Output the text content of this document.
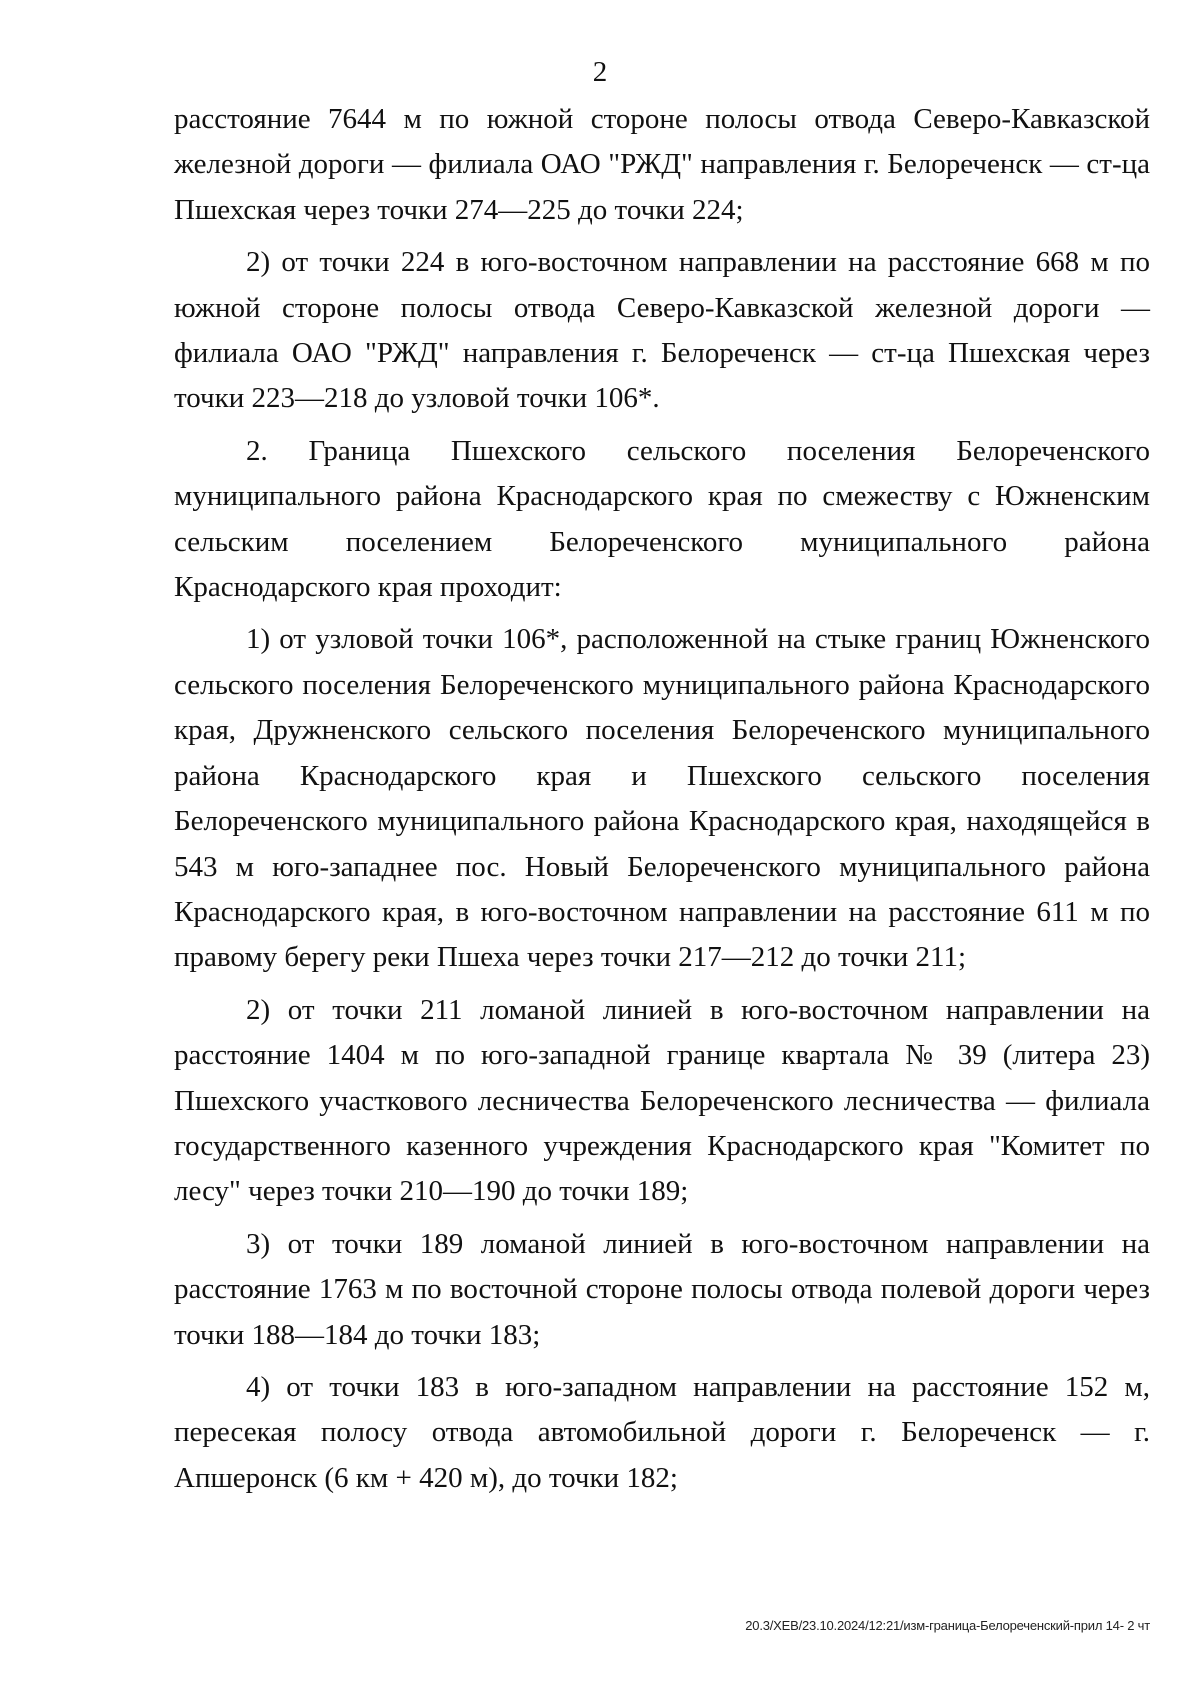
2

расстояние 7644 м по южной стороне полосы отвода Северо-Кавказской железной дороги — филиала ОАО "РЖД" направления г. Белореченск — ст-ца Пшехская через точки 274—225 до точки 224;

2) от точки 224 в юго-восточном направлении на расстояние 668 м по южной стороне полосы отвода Северо-Кавказской железной дороги — филиала ОАО "РЖД" направления г. Белореченск — ст-ца Пшехская через точки 223—218 до узловой точки 106*.

2. Граница Пшехского сельского поселения Белореченского муниципального района Краснодарского края по смежеству с Южненским сельским поселением Белореченского муниципального района Краснодарского края проходит:

1) от узловой точки 106*, расположенной на стыке границ Южненского сельского поселения Белореченского муниципального района Краснодарского края, Дружненского сельского поселения Белореченского муниципального района Краснодарского края и Пшехского сельского поселения Белореченского муниципального района Краснодарского края, находящейся в 543 м юго-западнее пос. Новый Белореченского муниципального района Краснодарского края, в юго-восточном направлении на расстояние 611 м по правому берегу реки Пшеха через точки 217—212 до точки 211;

2) от точки 211 ломаной линией в юго-восточном направлении на расстояние 1404 м по юго-западной границе квартала № 39 (литера 23) Пшехского участкового лесничества Белореченского лесничества — филиала государственного казенного учреждения Краснодарского края "Комитет по лесу" через точки 210—190 до точки 189;

3) от точки 189 ломаной линией в юго-восточном направлении на расстояние 1763 м по восточной стороне полосы отвода полевой дороги через точки 188—184 до точки 183;

4) от точки 183 в юго-западном направлении на расстояние 152 м, пересекая полосу отвода автомобильной дороги г. Белореченск — г. Апшеронск (6 км + 420 м), до точки 182;

20.3/ХЕВ/23.10.2024/12:21/изм-граница-Белореченский-прил 14- 2 чт
